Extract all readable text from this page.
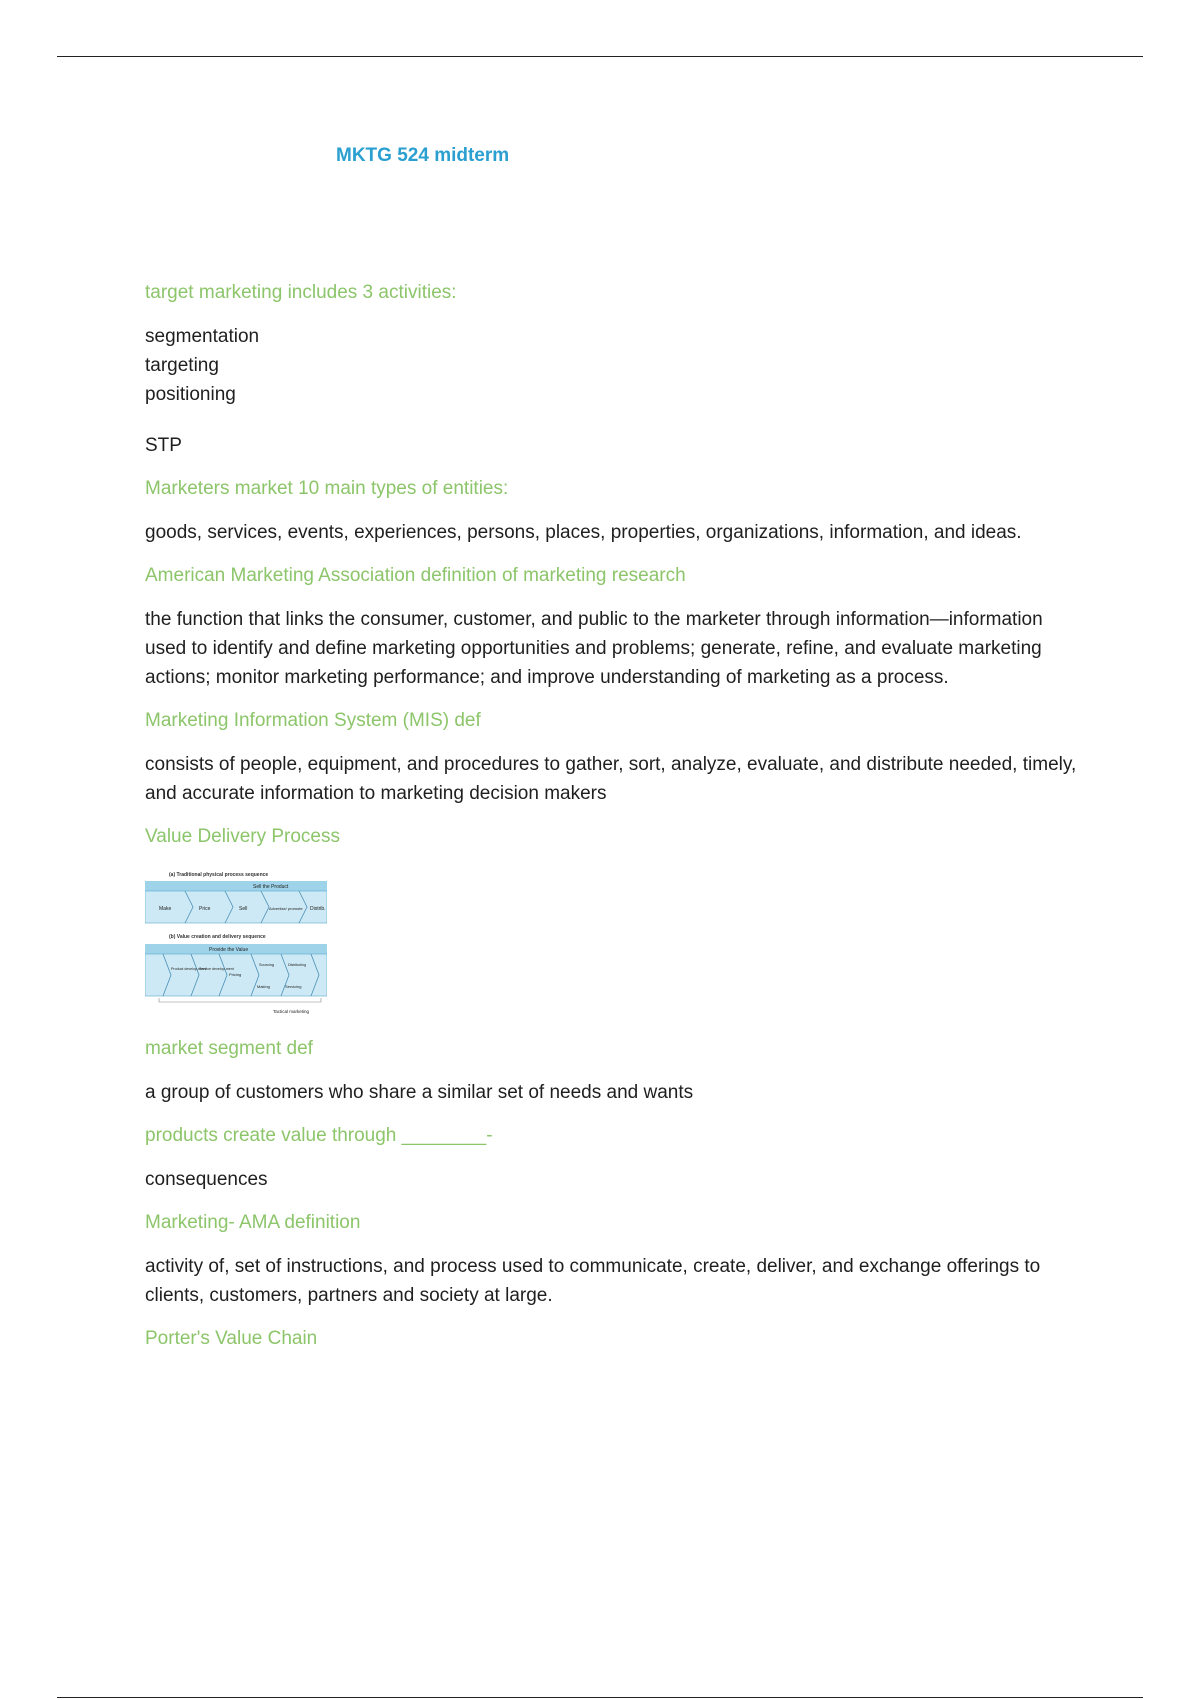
MKTG 524 midterm

target marketing includes 3 activities:

segmentation
targeting
positioning

STP

Marketers market 10 main types of entities:

goods, services, events, experiences, persons, places, properties, organizations, information, and ideas.

American Marketing Association definition of marketing research

the function that links the consumer, customer, and public to the marketer through information—information used to identify and define marketing opportunities and problems; generate, refine, and evaluate marketing actions; monitor marketing performance; and improve understanding of marketing as a process.

Marketing Information System (MIS) def

consists of people, equipment, and procedures to gather, sort, analyze, evaluate, and distribute needed, timely, and accurate information to marketing decision makers

Value Delivery Process

(a) Traditional physical process sequence
Sell the Product
Make	Price	Sell	Advertise/ promote Distrib.
(b) Value creation and delivery sequence
Provide the Value
Product develop-ment
Service develop-ment
Pricing
Sourcing	Distributing
Making	Servicing
Tactical marketing

market segment def

a group of customers who share a similar set of needs and wants

products create value through ________-

consequences

Marketing- AMA definition

activity of, set of instructions, and process used to communicate, create, deliver, and exchange offerings to clients, customers, partners and society at large.

Porter's Value Chain
